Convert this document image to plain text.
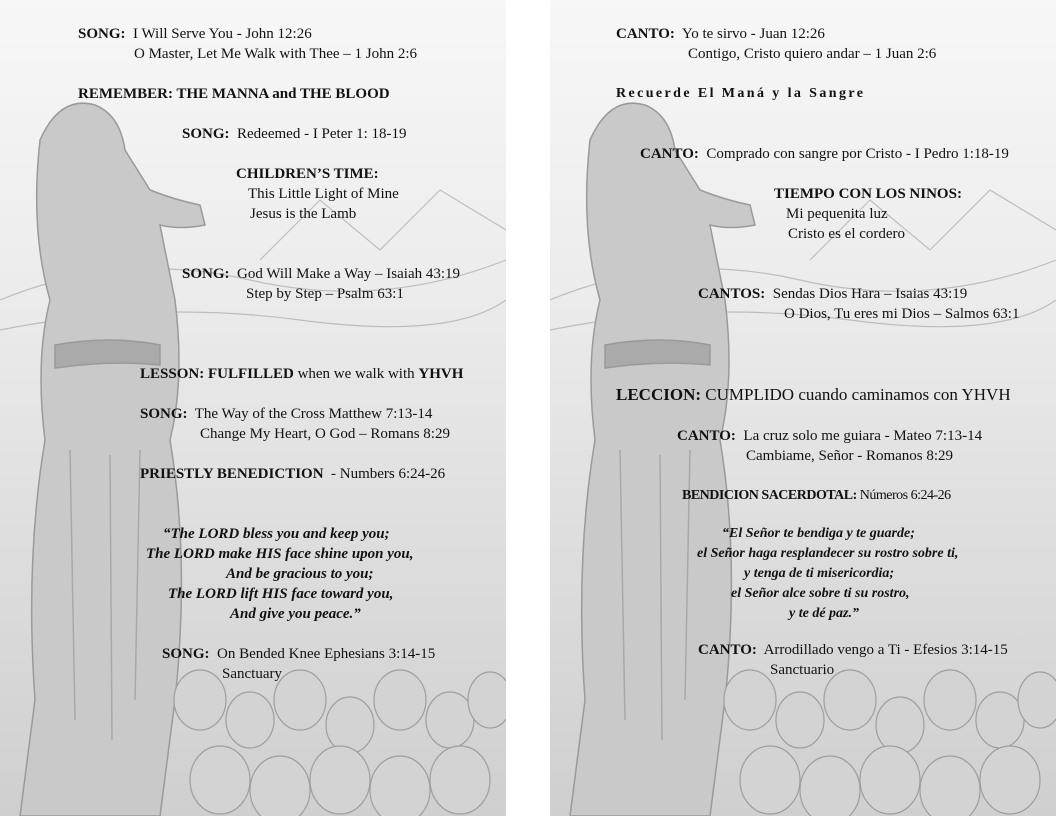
SONG: I Will Serve You - John 12:26
O Master, Let Me Walk with Thee – 1 John 2:6
REMEMBER: THE MANNA and THE BLOOD
SONG: Redeemed - I Peter 1: 18-19
CHILDREN’S TIME:
This Little Light of Mine
Jesus is the Lamb
SONG: God Will Make a Way – Isaiah 43:19
Step by Step – Psalm 63:1
LESSON: FULFILLED when we walk with YHVH
SONG: The Way of the Cross Matthew 7:13-14
Change My Heart, O God – Romans 8:29
PRIESTLY BENEDICTION - Numbers 6:24-26
“The LORD bless you and keep you;
The LORD make HIS face shine upon you,
And be gracious to you;
The LORD lift HIS face toward you,
And give you peace.”
SONG: On Bended Knee Ephesians 3:14-15
Sanctuary
CANTO: Yo te sirvo - Juan 12:26
Contigo, Cristo quiero andar – 1 Juan 2:6
Recuerde El Maná y la Sangre
CANTO: Comprado con sangre por Cristo - I Pedro 1:18-19
TIEMPO CON LOS NINOS:
Mi pequenita luz
Cristo es el cordero
CANTOS: Sendas Dios Hara – Isaias 43:19
O Dios, Tu eres mi Dios – Salmos 63:1
LECCION: CUMPLIDO cuando caminamos con YHVH
CANTO: La cruz solo me guiara - Mateo 7:13-14
Cambiame, Señor - Romanos 8:29
BENDICION SACERDOTAL: Números 6:24-26
“El Señor te bendiga y te guarde;
el Señor haga resplandecer su rostro sobre ti,
y tenga de ti misericordia;
el Señor alce sobre ti su rostro,
y te dé paz.”
CANTO: Arrodillado vengo a Ti - Efesios 3:14-15
Sanctuario
